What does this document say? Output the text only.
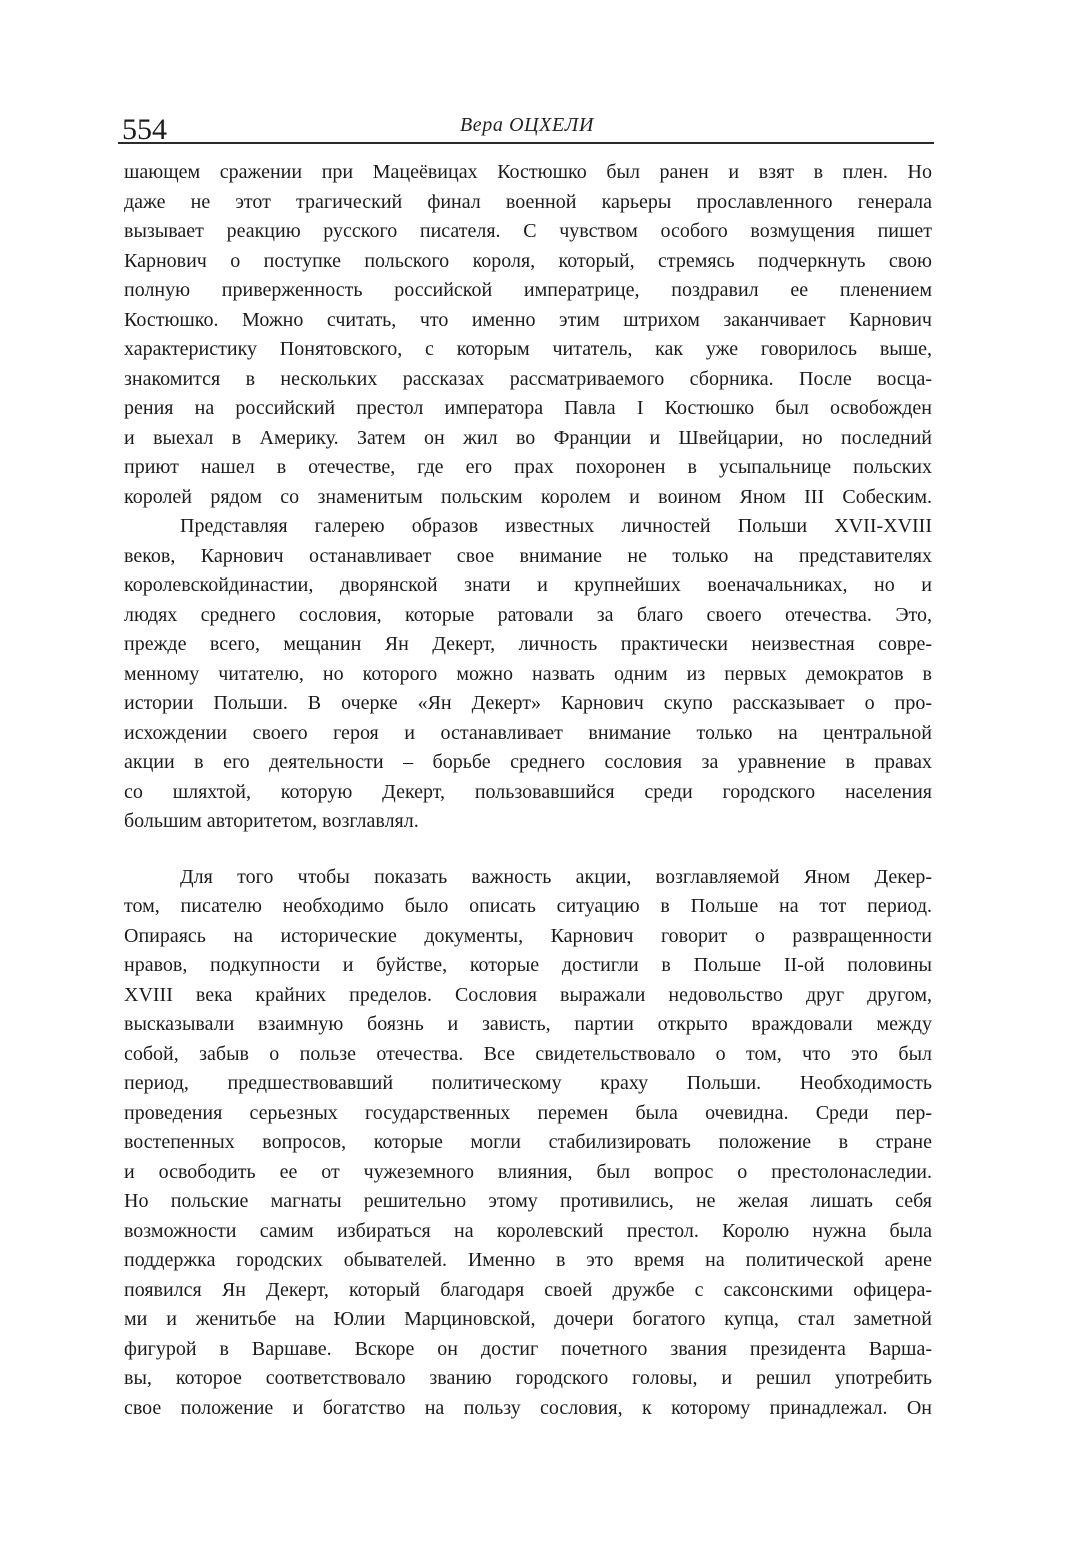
554	Вера ОЦХЕЛИ
шающем сражении при Мацеёвицах Костюшко был ранен и взят в плен. Но
даже не этот трагический финал военной карьеры прославленного генерала
вызывает реакцию русского писателя. С чувством особого возмущения пишет
Карнович о поступке польского короля, который, стремясь подчеркнуть свою
полную приверженность российской императрице, поздравил ее пленением
Костюшко. Можно считать, что именно этим штрихом заканчивает Карнович
характеристику Понятовского, с которым читатель, как уже говорилось выше,
знакомится в нескольких рассказах рассматриваемого сборника. После восца-
рения на российский престол императора Павла I Костюшко был освобожден
и выехал в Америку. Затем он жил во Франции и Швейцарии, но последний
приют нашел в отечестве, где его прах похоронен в усыпальнице польских
королей рядом со знаменитым польским королем и воином Яном III Собеским.
Представляя галерею образов известных личностей Польши XVII-XVIII
веков, Карнович останавливает свое внимание не только на представителях
королевскойдинастии, дворянской знати и крупнейших военачальниках, но и
людях среднего сословия, которые ратовали за благо своего отечества. Это,
прежде всего, мещанин Ян Декерт, личность практически неизвестная совре-
менному читателю, но которого можно назвать одним из первых демократов в
истории Польши. В очерке «Ян Декерт» Карнович скупо рассказывает о про-
исхождении своего героя и останавливает внимание только на центральной
акции в его деятельности – борьбе среднего сословия за уравнение в правах
со шляхтой, которую Декерт, пользовавшийся среди городского населения
большим авторитетом, возглавлял.
Для того чтобы показать важность акции, возглавляемой Яном Декер-
том, писателю необходимо было описать ситуацию в Польше на тот период.
Опираясь на исторические документы, Карнович говорит о развращенности
нравов, подкупности и буйстве, которые достигли в Польше II-ой половины
XVIII века крайних пределов. Сословия выражали недовольство друг другом,
высказывали взаимную боязнь и зависть, партии открыто враждовали между
собой, забыв о пользе отечества. Все свидетельствовало о том, что это был
период, предшествовавший политическому краху Польши. Необходимость
проведения серьезных государственных перемен была очевидна. Среди пер-
востепенных вопросов, которые могли стабилизировать положение в стране
и освободить ее от чужеземного влияния, был вопрос о престолонаследии.
Но польские магнаты решительно этому противились, не желая лишать себя
возможности самим избираться на королевский престол. Королю нужна была
поддержка городских обывателей. Именно в это время на политической арене
появился Ян Декерт, который благодаря своей дружбе с саксонскими офицера-
ми и женитьбе на Юлии Марциновской, дочери богатого купца, стал заметной
фигурой в Варшаве. Вскоре он достиг почетного звания президента Варша-
вы, которое соответствовало званию городского головы, и решил употребить
свое положение и богатство на пользу сословия, к которому принадлежал. Он
